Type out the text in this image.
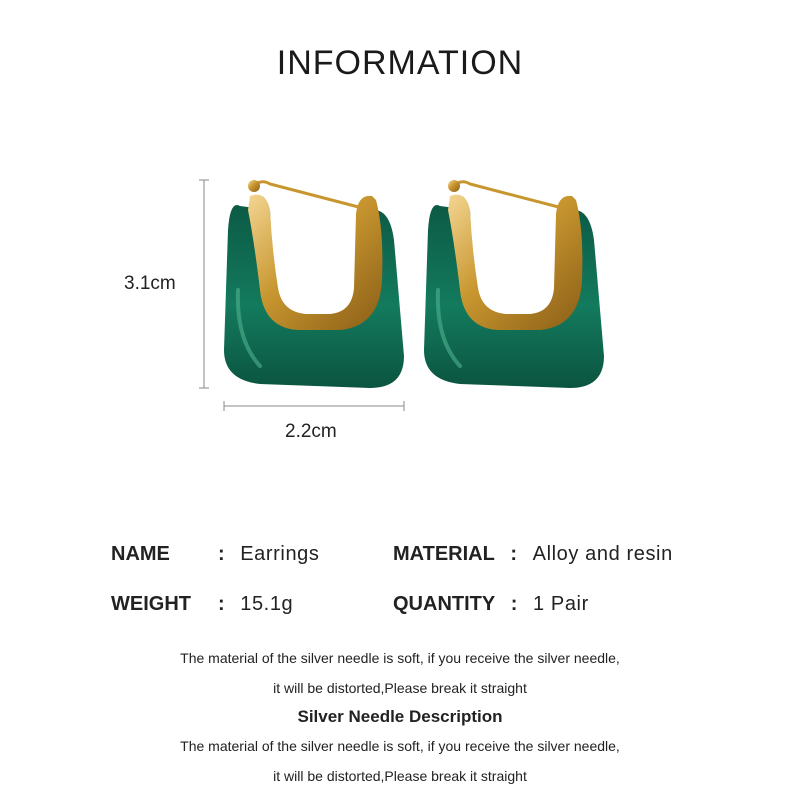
INFORMATION
3.1cm
2.2cm
NAME : Earrings	MATERIAL : Alloy and resin
WEIGHT : 15.1g	QUANTITY : 1 Pair
The material of the silver needle is soft, if you receive the silver needle,
it will be distorted,Please break it straight
Silver Needle Description
The material of the silver needle is soft, if you receive the silver needle,
it will be distorted,Please break it straight
